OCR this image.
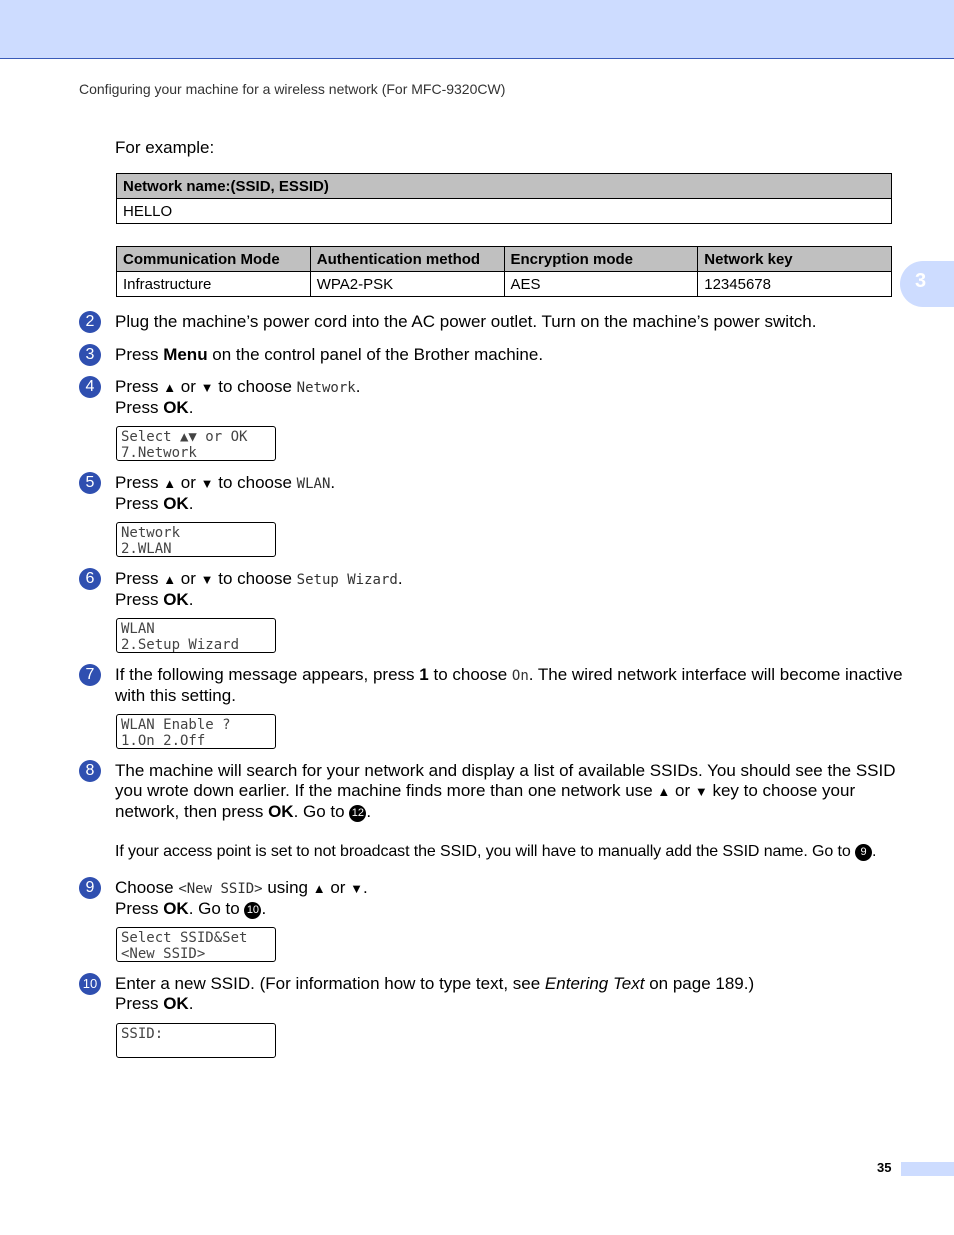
Configuring your machine for a wireless network (For MFC-9320CW)
3
For example:
Network name:(SSID, ESSID)
HELLO
Communication Mode	Authentication method	Encryption mode	Network key
Infrastructure	WPA2-PSK	AES	12345678
2	Plug the machine’s power cord into the AC power outlet. Turn on the machine’s power switch.
3	Press Menu on the control panel of the Brother machine.
4	Press ▲ or ▼ to choose Network.
Press OK.
Select ▲▼ or OK
7.Network
5	Press ▲ or ▼ to choose WLAN.
Press OK.
Network
2.WLAN
6	Press ▲ or ▼ to choose Setup Wizard.
Press OK.
WLAN
2.Setup Wizard
7	If the following message appears, press 1 to choose On. The wired network interface will become inactive with this setting.
WLAN Enable ?
1.On 2.Off
8	The machine will search for your network and display a list of available SSIDs. You should see the SSID you wrote down earlier. If the machine finds more than one network use ▲ or ▼ key to choose your network, then press OK. Go to 12 .
If your access point is set to not broadcast the SSID, you will have to manually add the SSID name. Go to 9 .
9	Choose <New SSID> using ▲ or ▼.
Press OK. Go to 10 .
Select SSID&Set
<New SSID>
10 Enter a new SSID. (For information how to type text, see Entering Text on page 189.)
Press OK.
SSID:
35
